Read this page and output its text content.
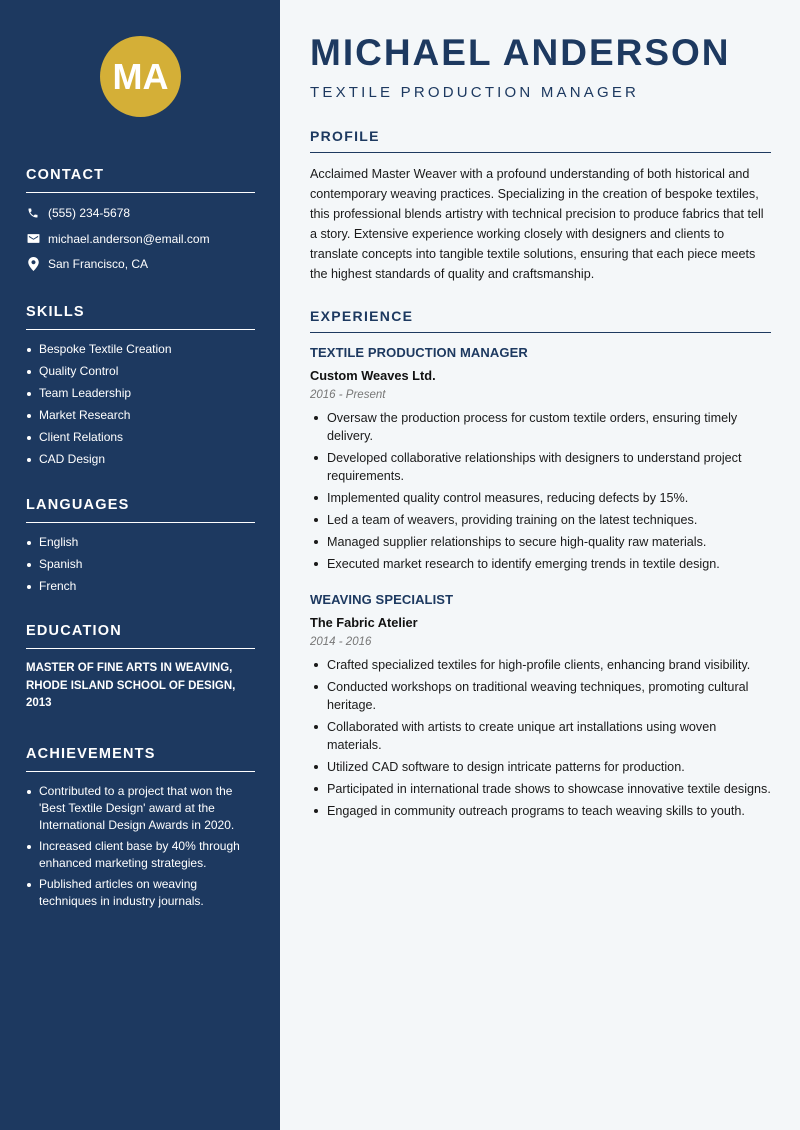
MA
CONTACT
(555) 234-5678
michael.anderson@email.com
San Francisco, CA
SKILLS
Bespoke Textile Creation
Quality Control
Team Leadership
Market Research
Client Relations
CAD Design
LANGUAGES
English
Spanish
French
EDUCATION
MASTER OF FINE ARTS IN WEAVING, RHODE ISLAND SCHOOL OF DESIGN, 2013
ACHIEVEMENTS
Contributed to a project that won the 'Best Textile Design' award at the International Design Awards in 2020.
Increased client base by 40% through enhanced marketing strategies.
Published articles on weaving techniques in industry journals.
MICHAEL ANDERSON
TEXTILE PRODUCTION MANAGER
PROFILE

Acclaimed Master Weaver with a profound understanding of both historical and contemporary weaving practices. Specializing in the creation of bespoke textiles, this professional blends artistry with technical precision to produce fabrics that tell a story. Extensive experience working closely with designers and clients to translate concepts into tangible textile solutions, ensuring that each piece meets the highest standards of quality and craftsmanship.

EXPERIENCE
TEXTILE PRODUCTION MANAGER
Custom Weaves Ltd.
2016 - Present
Oversaw the production process for custom textile orders, ensuring timely delivery.
Developed collaborative relationships with designers to understand project requirements.
Implemented quality control measures, reducing defects by 15%.
Led a team of weavers, providing training on the latest techniques.
Managed supplier relationships to secure high-quality raw materials.
Executed market research to identify emerging trends in textile design.
WEAVING SPECIALIST
The Fabric Atelier
2014 - 2016
Crafted specialized textiles for high-profile clients, enhancing brand visibility.
Conducted workshops on traditional weaving techniques, promoting cultural heritage.
Collaborated with artists to create unique art installations using woven materials.
Utilized CAD software to design intricate patterns for production.
Participated in international trade shows to showcase innovative textile designs.
Engaged in community outreach programs to teach weaving skills to youth.
